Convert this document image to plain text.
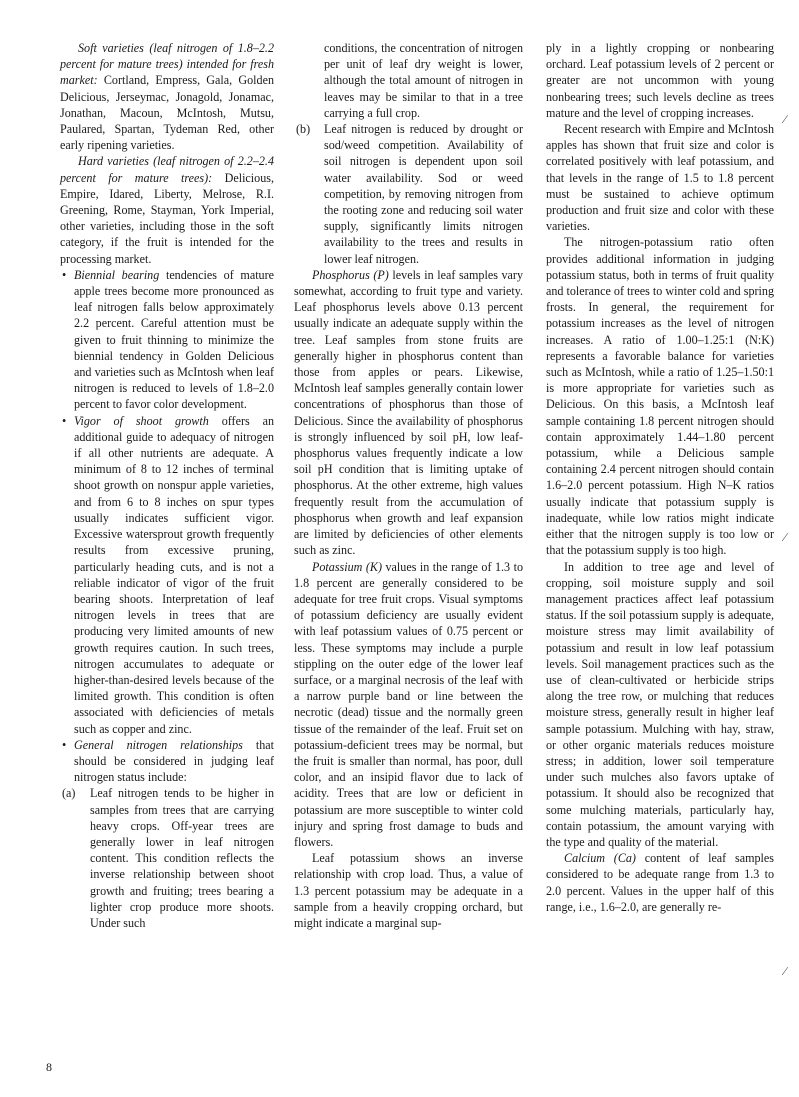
Soft varieties (leaf nitrogen of 1.8–2.2 percent for mature trees) intended for fresh market: Cortland, Empress, Gala, Golden Delicious, Jerseymac, Jonagold, Jonamac, Jonathan, Macoun, McIntosh, Mutsu, Paulared, Spartan, Tydeman Red, other early ripening varieties.

Hard varieties (leaf nitrogen of 2.2–2.4 percent for mature trees): Delicious, Empire, Idared, Liberty, Melrose, R.I. Greening, Rome, Stayman, York Imperial, other varieties, including those in the soft category, if the fruit is intended for the processing market.

• Biennial bearing tendencies of mature apple trees become more pronounced as leaf nitrogen falls below approximately 2.2 percent. Careful attention must be given to fruit thinning to minimize the biennial tendency in Golden Delicious and varieties such as McIntosh when leaf nitrogen is reduced to levels of 1.8–2.0 percent to favor color development.

• Vigor of shoot growth offers an additional guide to adequacy of nitrogen if all other nutrients are adequate. A minimum of 8 to 12 inches of terminal shoot growth on nonspur apple varieties, and from 6 to 8 inches on spur types usually indicates sufficient vigor. Excessive watersprout growth frequently results from excessive pruning, particularly heading cuts, and is not a reliable indicator of vigor of the fruit bearing shoots. Interpretation of leaf nitrogen levels in trees that are producing very limited amounts of new growth requires caution. In such trees, nitrogen accumulates to adequate or higher-than-desired levels because of the limited growth. This condition is often associated with deficiencies of metals such as copper and zinc.

• General nitrogen relationships that should be considered in judging leaf nitrogen status include:

(a) Leaf nitrogen tends to be higher in samples from trees that are carrying heavy crops. Off-year trees are generally lower in leaf nitrogen content. This condition reflects the inverse relationship between shoot growth and fruiting; trees bearing a lighter crop produce more shoots. Under such

conditions, the concentration of nitrogen per unit of leaf dry weight is lower, although the total amount of nitrogen in leaves may be similar to that in a tree carrying a full crop.

(b) Leaf nitrogen is reduced by drought or sod/weed competition. Availability of soil nitrogen is dependent upon soil water availability. Sod or weed competition, by removing nitrogen from the rooting zone and reducing soil water supply, significantly limits nitrogen availability to the trees and results in lower leaf nitrogen.

Phosphorus (P) levels in leaf samples vary somewhat, according to fruit type and variety. Leaf phosphorus levels above 0.13 percent usually indicate an adequate supply within the tree. Leaf samples from stone fruits are generally higher in phosphorus content than those from apples or pears. Likewise, McIntosh leaf samples generally contain lower concentrations of phosphorus than those of Delicious. Since the availability of phosphorus is strongly influenced by soil pH, low leaf-phosphorus values frequently indicate a low soil pH condition that is limiting uptake of phosphorus. At the other extreme, high values frequently result from the accumulation of phosphorus when growth and leaf expansion are limited by deficiencies of other elements such as zinc.

Potassium (K) values in the range of 1.3 to 1.8 percent are generally considered to be adequate for tree fruit crops. Visual symptoms of potassium deficiency are usually evident with leaf potassium values of 0.75 percent or less. These symptoms may include a purple stippling on the outer edge of the lower leaf surface, or a marginal necrosis of the leaf with a narrow purple band or line between the necrotic (dead) tissue and the normally green tissue of the remainder of the leaf. Fruit set on potassium-deficient trees may be normal, but the fruit is smaller than normal, has poor, dull color, and an insipid flavor due to lack of acidity. Trees that are low or deficient in potassium are more susceptible to winter cold injury and spring frost damage to buds and flowers.

Leaf potassium shows an inverse relationship with crop load. Thus, a value of 1.3 percent potassium may be adequate in a sample from a heavily cropping orchard, but might indicate a marginal sup-

ply in a lightly cropping or nonbearing orchard. Leaf potassium levels of 2 percent or greater are not uncommon with young nonbearing trees; such levels decline as trees mature and the level of cropping increases.

Recent research with Empire and McIntosh apples has shown that fruit size and color is correlated positively with leaf potassium, and that levels in the range of 1.5 to 1.8 percent must be sustained to achieve optimum production and fruit size and color with these varieties.

The nitrogen-potassium ratio often provides additional information in judging potassium status, both in terms of fruit quality and tolerance of trees to winter cold and spring frosts. In general, the requirement for potassium increases as the level of nitrogen increases. A ratio of 1.00–1.25:1 (N:K) represents a favorable balance for varieties such as McIntosh, while a ratio of 1.25–1.50:1 is more appropriate for varieties such as Delicious. On this basis, a McIntosh leaf sample containing 1.8 percent nitrogen should contain approximately 1.44–1.80 percent potassium, while a Delicious sample containing 2.4 percent nitrogen should contain 1.6–2.0 percent potassium. High N–K ratios usually indicate that potassium supply is inadequate, while low ratios might indicate either that the nitrogen supply is too low or that the potassium supply is too high.

In addition to tree age and level of cropping, soil moisture supply and soil management practices affect leaf potassium status. If the soil potassium supply is adequate, moisture stress may limit availability of potassium and result in low leaf potassium levels. Soil management practices such as the use of clean-cultivated or herbicide strips along the tree row, or mulching that reduces moisture stress, generally result in higher leaf sample potassium. Mulching with hay, straw, or other organic materials reduces moisture stress; in addition, lower soil temperature under such mulches also favors uptake of potassium. It should also be recognized that some mulching materials, particularly hay, contain potassium, the amount varying with the type and quality of the material.

Calcium (Ca) content of leaf samples considered to be adequate range from 1.3 to 2.0 percent. Values in the upper half of this range, i.e., 1.6–2.0, are generally re-

∕
∕
∕
8
